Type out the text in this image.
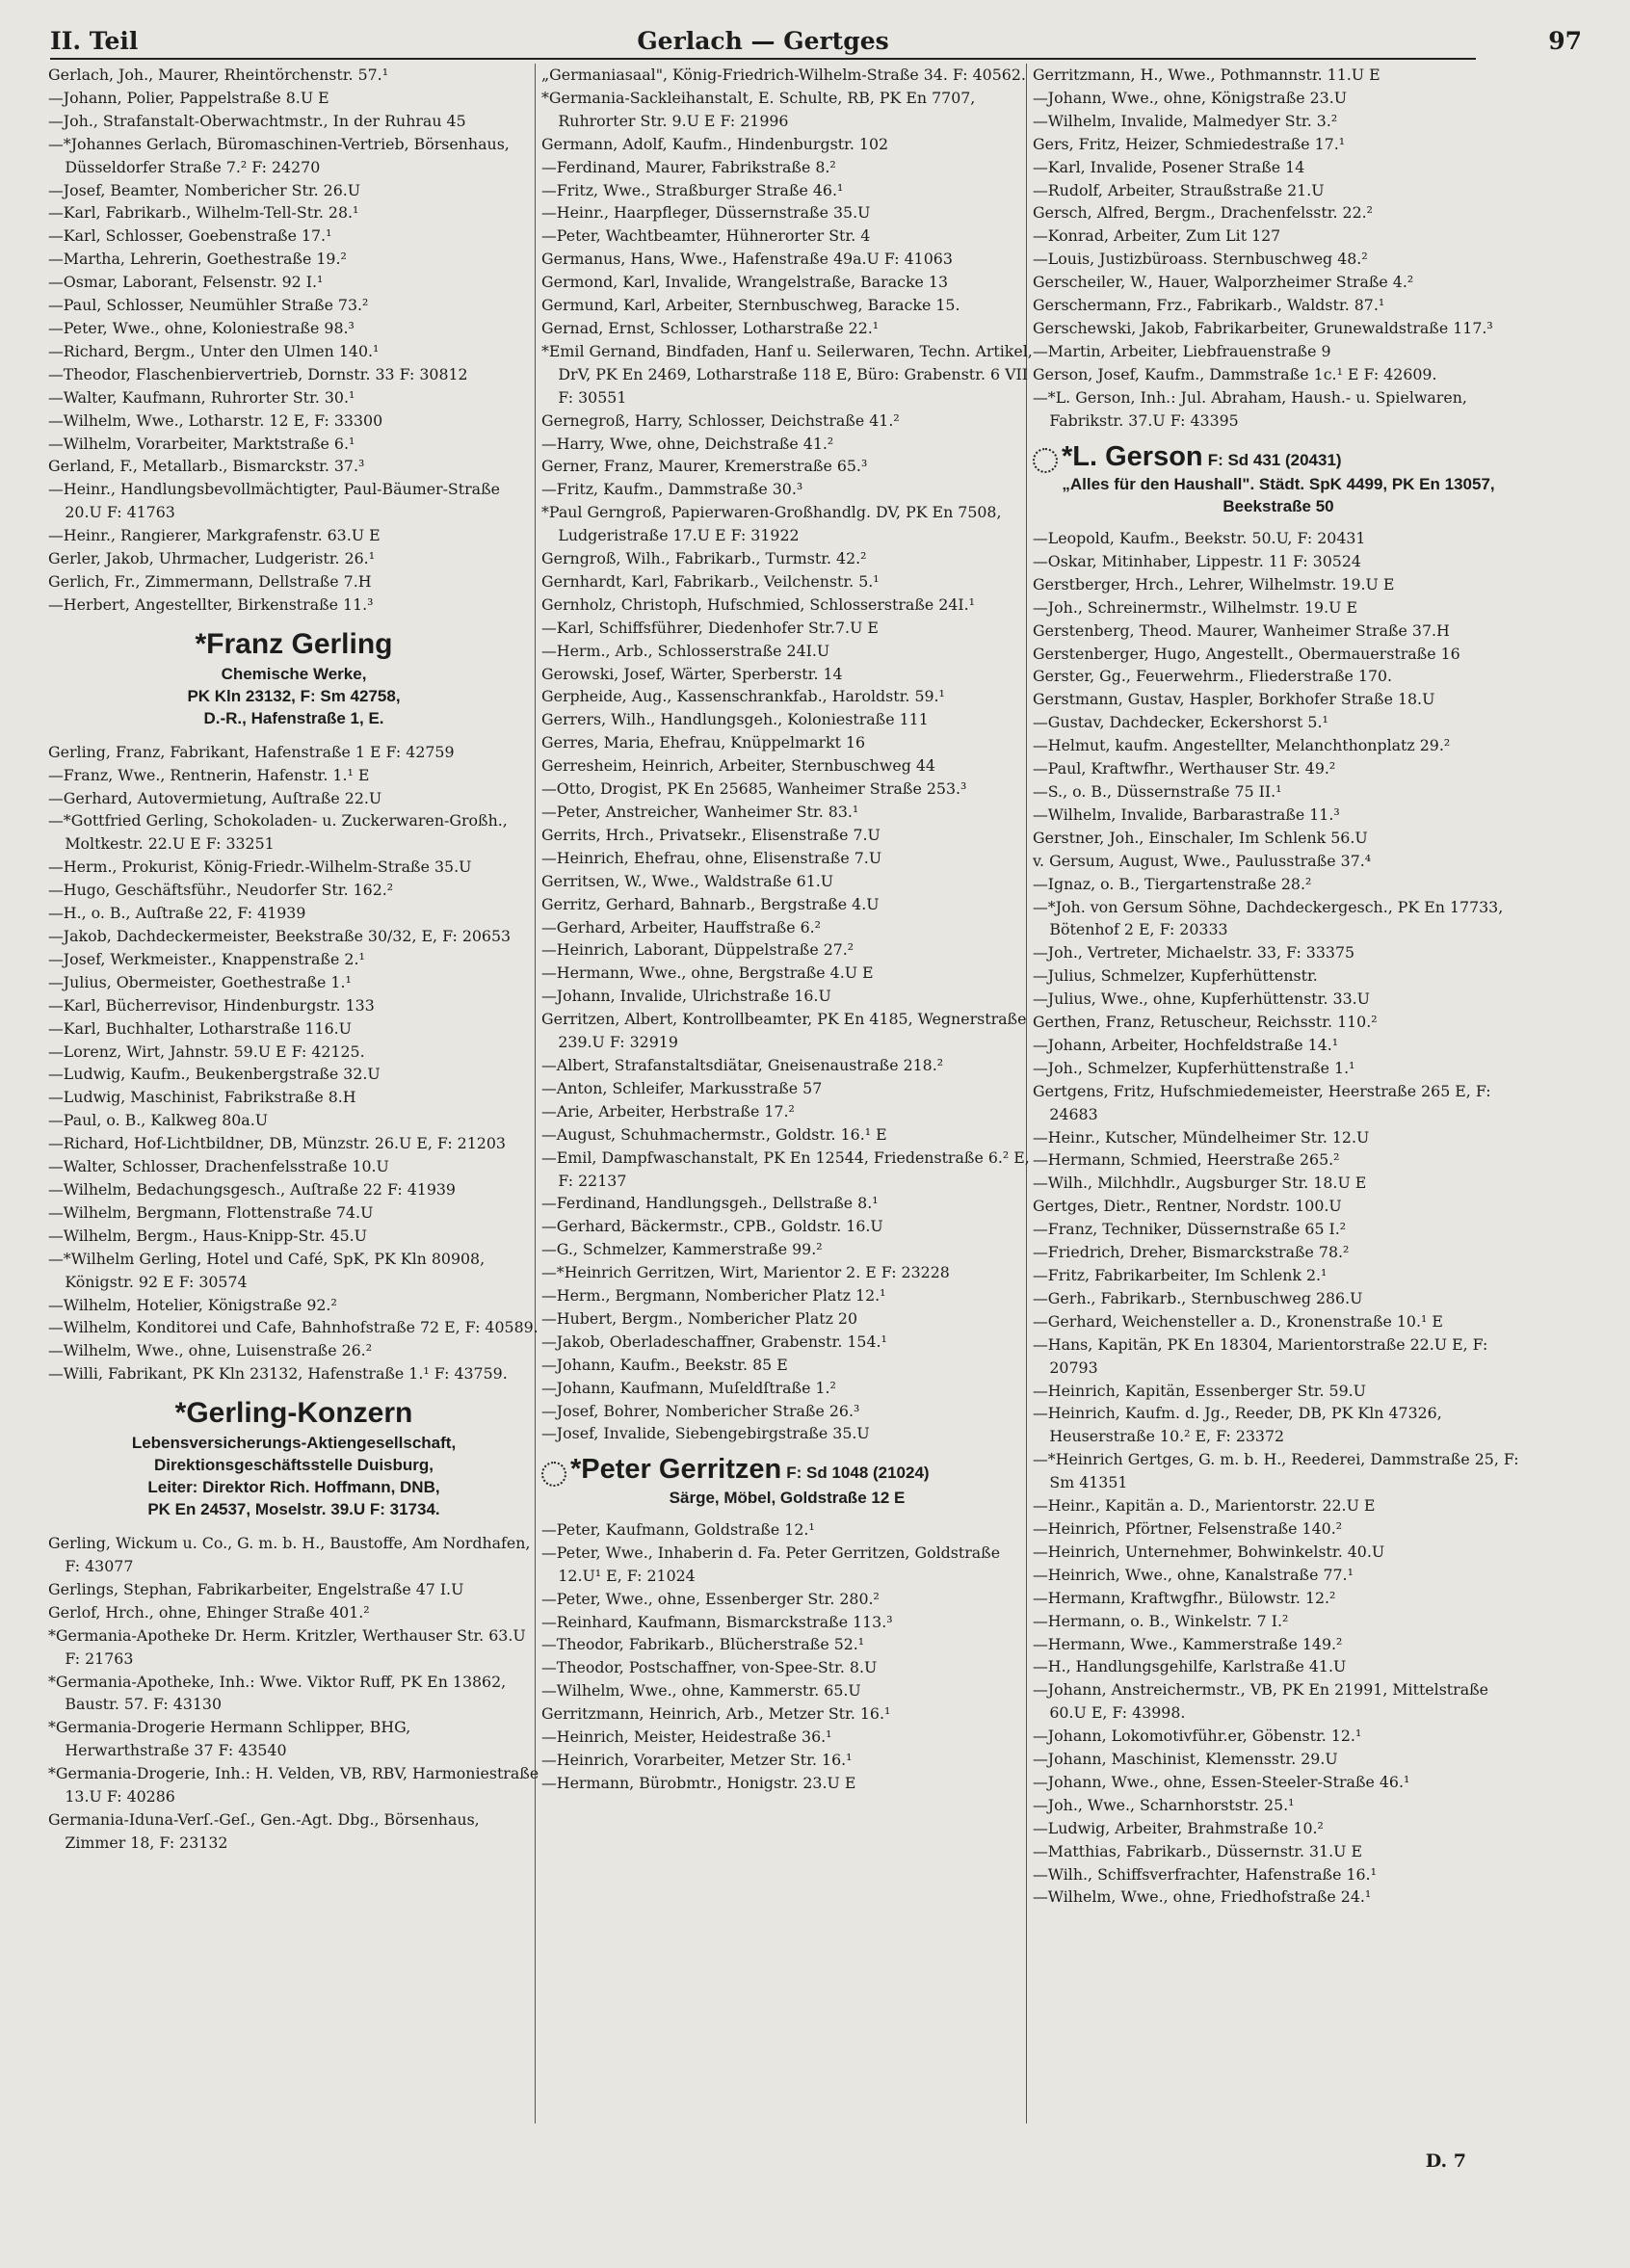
II. Teil	Gerlach — Gertges	97

Gerlach, Joh., Maurer, Rheintörchenstr. 57.¹

—Johann, Polier, Pappelstraße 8.U E

—Joh., Strafanstalt-Oberwachtmstr., In der Ruhrau 45

—*Johannes Gerlach, Büromaschinen-Vertrieb, Börsenhaus, Düsseldorfer Straße 7.² F: 24270

—Josef, Beamter, Nombericher Str. 26.U

—Karl, Fabrikarb., Wilhelm-Tell-Str. 28.¹

—Karl, Schlosser, Goebenstraße 17.¹

—Martha, Lehrerin, Goethestraße 19.²

—Osmar, Laborant, Felsenstr. 92 I.¹

—Paul, Schlosser, Neumühler Straße 73.²

—Peter, Wwe., ohne, Koloniestraße 98.³

—Richard, Bergm., Unter den Ulmen 140.¹

—Theodor, Flaschenbiervertrieb, Dornstr. 33 F: 30812

—Walter, Kaufmann, Ruhrorter Str. 30.¹

—Wilhelm, Wwe., Lotharstr. 12 E, F: 33300

—Wilhelm, Vorarbeiter, Marktstraße 6.¹

Gerland, F., Metallarb., Bismarckstr. 37.³

—Heinr., Handlungsbevollmächtigter, Paul-Bäumer-Straße 20.U F: 41763

—Heinr., Rangierer, Markgrafenstr. 63.U E

Gerler, Jakob, Uhrmacher, Ludgeristr. 26.¹

Gerlich, Fr., Zimmermann, Dellstraße 7.H

—Herbert, Angestellter, Birkenstraße 11.³

*Franz Gerling
Chemische Werke,
PK Kln 23132, F: Sm 42758,
D.-R., Hafenstraße 1, E.

Gerling, Franz, Fabrikant, Hafenstraße 1 E F: 42759

—Franz, Wwe., Rentnerin, Hafenstr. 1.¹ E

—Gerhard, Autovermietung, Auſtraße 22.U

—*Gottfried Gerling, Schokoladen- u. Zuckerwaren-Großh., Moltkestr. 22.U E F: 33251

—Herm., Prokurist, König-Friedr.-Wilhelm-Straße 35.U

—Hugo, Geschäftsführ., Neudorfer Str. 162.²

—H., o. B., Auſtraße 22, F: 41939

—Jakob, Dachdeckermeister, Beekstraße 30/32, E, F: 20653

—Josef, Werkmeister., Knappenstraße 2.¹

—Julius, Obermeister, Goethestraße 1.¹

—Karl, Bücherrevisor, Hindenburgstr. 133

—Karl, Buchhalter, Lotharstraße 116.U

—Lorenz, Wirt, Jahnstr. 59.U E F: 42125.

—Ludwig, Kaufm., Beukenbergstraße 32.U

—Ludwig, Maschinist, Fabrikstraße 8.H

—Paul, o. B., Kalkweg 80a.U

—Richard, Hof-Lichtbildner, DB, Münzstr. 26.U E, F: 21203

—Walter, Schlosser, Drachenfelsstraße 10.U

—Wilhelm, Bedachungsgesch., Auſtraße 22 F: 41939

—Wilhelm, Bergmann, Flottenstraße 74.U

—Wilhelm, Bergm., Haus-Knipp-Str. 45.U

—*Wilhelm Gerling, Hotel und Café, SpK, PK Kln 80908, Königstr. 92 E F: 30574

—Wilhelm, Hotelier, Königstraße 92.²

—Wilhelm, Konditorei und Cafe, Bahnhofstraße 72 E, F: 40589.

—Wilhelm, Wwe., ohne, Luisenstraße 26.²

—Willi, Fabrikant, PK Kln 23132, Hafenstraße 1.¹ F: 43759.

*Gerling-Konzern
Lebensversicherungs-Aktiengesellschaft,
Direktionsgeschäftsstelle Duisburg,
Leiter: Direktor Rich. Hoffmann, DNB,
PK En 24537, Moselstr. 39.U F: 31734.

Gerling, Wickum u. Co., G. m. b. H., Baustoffe, Am Nordhafen, F: 43077

Gerlings, Stephan, Fabrikarbeiter, Engelstraße 47 I.U

Gerlof, Hrch., ohne, Ehinger Straße 401.²

*Germania-Apotheke Dr. Herm. Kritzler, Werthauser Str. 63.U F: 21763

*Germania-Apotheke, Inh.: Wwe. Viktor Ruff, PK En 13862, Baustr. 57. F: 43130

*Germania-Drogerie Hermann Schlipper, BHG, Herwarthstraße 37 F: 43540

*Germania-Drogerie, Inh.: H. Velden, VB, RBV, Harmoniestraße 13.U F: 40286

Germania-Iduna-Verſ.-Geſ., Gen.-Agt. Dbg., Börsenhaus, Zimmer 18, F: 23132

„Germaniasaal", König-Friedrich-Wilhelm-Straße 34. F: 40562.

*Germania-Sackleihanstalt, E. Schulte, RB, PK En 7707, Ruhrorter Str. 9.U E F: 21996

Germann, Adolf, Kaufm., Hindenburgstr. 102

—Ferdinand, Maurer, Fabrikstraße 8.²

—Fritz, Wwe., Straßburger Straße 46.¹

—Heinr., Haarpfleger, Düssernstraße 35.U

—Peter, Wachtbeamter, Hühnerorter Str. 4

Germanus, Hans, Wwe., Hafenstraße 49a.U F: 41063

Germond, Karl, Invalide, Wrangelstraße, Baracke 13

Germund, Karl, Arbeiter, Sternbuschweg, Baracke 15.

Gernad, Ernst, Schlosser, Lotharstraße 22.¹

*Emil Gernand, Bindfaden, Hanf u. Seilerwaren, Techn. Artikel, DrV, PK En 2469, Lotharstraße 118 E, Büro: Grabenstr. 6 VII F: 30551

Gernegroß, Harry, Schlosser, Deichstraße 41.²

—Harry, Wwe, ohne, Deichstraße 41.²

Gerner, Franz, Maurer, Kremerstraße 65.³

—Fritz, Kaufm., Dammstraße 30.³

*Paul Gerngroß, Papierwaren-Großhandlg. DV, PK En 7508, Ludgeristraße 17.U E F: 31922

Gerngroß, Wilh., Fabrikarb., Turmstr. 42.²

Gernhardt, Karl, Fabrikarb., Veilchenstr. 5.¹

Gernholz, Christoph, Hufschmied, Schlosserstraße 24I.¹

—Karl, Schiffsführer, Diedenhofer Str.7.U E

—Herm., Arb., Schlosserstraße 24I.U

Gerowski, Josef, Wärter, Sperberstr. 14

Gerpheide, Aug., Kassenschrankfab., Haroldstr. 59.¹

Gerrers, Wilh., Handlungsgeh., Koloniestraße 111

Gerres, Maria, Ehefrau, Knüppelmarkt 16

Gerresheim, Heinrich, Arbeiter, Sternbuschweg 44

—Otto, Drogist, PK En 25685, Wanheimer Straße 253.³

—Peter, Anstreicher, Wanheimer Str. 83.¹

Gerrits, Hrch., Privatsekr., Elisenstraße 7.U

—Heinrich, Ehefrau, ohne, Elisenstraße 7.U

Gerritsen, W., Wwe., Waldstraße 61.U

Gerritz, Gerhard, Bahnarb., Bergstraße 4.U

—Gerhard, Arbeiter, Hauffstraße 6.²

—Heinrich, Laborant, Düppelstraße 27.²

—Hermann, Wwe., ohne, Bergstraße 4.U E

—Johann, Invalide, Ulrichstraße 16.U

Gerritzen, Albert, Kontrollbeamter, PK En 4185, Wegnerstraße 239.U F: 32919

—Albert, Strafanstaltsdiätar, Gneisenaustraße 218.²

—Anton, Schleifer, Markusstraße 57

—Arie, Arbeiter, Herbstraße 17.²

—August, Schuhmachermstr., Goldstr. 16.¹ E

—Emil, Dampfwaschanstalt, PK En 12544, Friedenstraße 6.² E, F: 22137

—Ferdinand, Handlungsgeh., Dellstraße 8.¹

—Gerhard, Bäckermstr., CPB., Goldstr. 16.U

—G., Schmelzer, Kammerstraße 99.²

—*Heinrich Gerritzen, Wirt, Marientor 2. E F: 23228

—Herm., Bergmann, Nombericher Platz 12.¹

—Hubert, Bergm., Nombericher Platz 20

—Jakob, Oberladeschaffner, Grabenstr. 154.¹

—Johann, Kaufm., Beekstr. 85 E

—Johann, Kaufmann, Muſeldſtraße 1.²

—Josef, Bohrer, Nombericher Straße 26.³

—Josef, Invalide, Siebengebirgstraße 35.U

*Peter Gerritzen F: Sd 1048 (21024)
Särge, Möbel, Goldstraße 12 E

—Peter, Kaufmann, Goldstraße 12.¹

—Peter, Wwe., Inhaberin d. Fa. Peter Gerritzen, Goldstraße 12.U¹ E, F: 21024

—Peter, Wwe., ohne, Essenberger Str. 280.²

—Reinhard, Kaufmann, Bismarckstraße 113.³

—Theodor, Fabrikarb., Blücherstraße 52.¹

—Theodor, Postschaffner, von-Spee-Str. 8.U

—Wilhelm, Wwe., ohne, Kammerstr. 65.U

Gerritzmann, Heinrich, Arb., Metzer Str. 16.¹

—Heinrich, Meister, Heidestraße 36.¹

—Heinrich, Vorarbeiter, Metzer Str. 16.¹

—Hermann, Bürobmtr., Honigstr. 23.U E

Gerritzmann, H., Wwe., Pothmannstr. 11.U E

—Johann, Wwe., ohne, Königstraße 23.U

—Wilhelm, Invalide, Malmedyer Str. 3.²

Gers, Fritz, Heizer, Schmiedestraße 17.¹

—Karl, Invalide, Posener Straße 14

—Rudolf, Arbeiter, Straußstraße 21.U

Gersch, Alfred, Bergm., Drachenfelsstr. 22.²

—Konrad, Arbeiter, Zum Lit 127

—Louis, Justizbüroass. Sternbuschweg 48.²

Gerscheiler, W., Hauer, Walporzheimer Straße 4.²

Gerschermann, Frz., Fabrikarb., Waldstr. 87.¹

Gerschewski, Jakob, Fabrikarbeiter, Grunewaldstraße 117.³

—Martin, Arbeiter, Liebfrauenstraße 9

Gerson, Josef, Kaufm., Dammstraße 1c.¹ E F: 42609.

—*L. Gerson, Inh.: Jul. Abraham, Haush.- u. Spielwaren, Fabrikstr. 37.U F: 43395

*L. Gerson F: Sd 431 (20431)
„Alles für den Haushall". Städt. SpK 4499, PK En 13057, Beekstraße 50

—Leopold, Kaufm., Beekstr. 50.U, F: 20431

—Oskar, Mitinhaber, Lippestr. 11 F: 30524

Gerstberger, Hrch., Lehrer, Wilhelmstr. 19.U E

—Joh., Schreinermstr., Wilhelmstr. 19.U E

Gerstenberg, Theod. Maurer, Wanheimer Straße 37.H

Gerstenberger, Hugo, Angestellt., Obermauerstraße 16

Gerster, Gg., Feuerwehrm., Fliederstraße 170.

Gerstmann, Gustav, Haspler, Borkhofer Straße 18.U

—Gustav, Dachdecker, Eckershorst 5.¹

—Helmut, kaufm. Angestellter, Melanchthonplatz 29.²

—Paul, Kraftwfhr., Werthauser Str. 49.²

—S., o. B., Düssernstraße 75 II.¹

—Wilhelm, Invalide, Barbarastraße 11.³

Gerstner, Joh., Einschaler, Im Schlenk 56.U

v. Gersum, August, Wwe., Paulusstraße 37.⁴

—Ignaz, o. B., Tiergartenstraße 28.²

—*Joh. von Gersum Söhne, Dachdeckergesch., PK En 17733, Bötenhof 2 E, F: 20333

—Joh., Vertreter, Michaelstr. 33, F: 33375

—Julius, Schmelzer, Kupferhüttenstr.

—Julius, Wwe., ohne, Kupferhüttenstr. 33.U

Gerthen, Franz, Retuscheur, Reichsstr. 110.²

—Johann, Arbeiter, Hochfeldstraße 14.¹

—Joh., Schmelzer, Kupferhüttenstraße 1.¹

Gertgens, Fritz, Hufschmiedemeister, Heerstraße 265 E, F: 24683

—Heinr., Kutscher, Mündelheimer Str. 12.U

—Hermann, Schmied, Heerstraße 265.²

—Wilh., Milchhdlr., Augsburger Str. 18.U E

Gertges, Dietr., Rentner, Nordstr. 100.U

—Franz, Techniker, Düssernstraße 65 I.²

—Friedrich, Dreher, Bismarckstraße 78.²

—Fritz, Fabrikarbeiter, Im Schlenk 2.¹

—Gerh., Fabrikarb., Sternbuschweg 286.U

—Gerhard, Weichensteller a. D., Kronenstraße 10.¹ E

—Hans, Kapitän, PK En 18304, Marientorstraße 22.U E, F: 20793

—Heinrich, Kapitän, Essenberger Str. 59.U

—Heinrich, Kaufm. d. Jg., Reeder, DB, PK Kln 47326, Heuserstraße 10.² E, F: 23372

—*Heinrich Gertges, G. m. b. H., Reederei, Dammstraße 25, F: Sm 41351

—Heinr., Kapitän a. D., Marientorstr. 22.U E

—Heinrich, Pförtner, Felsenstraße 140.²

—Heinrich, Unternehmer, Bohwinkelstr. 40.U

—Heinrich, Wwe., ohne, Kanalstraße 77.¹

—Hermann, Kraftwgfhr., Bülowstr. 12.²

—Hermann, o. B., Winkelstr. 7 I.²

—Hermann, Wwe., Kammerstraße 149.²

—H., Handlungsgehilfe, Karlstraße 41.U

—Johann, Anstreichermstr., VB, PK En 21991, Mittelstraße 60.U E, F: 43998.

—Johann, Lokomotivführ.er, Göbenstr. 12.¹

—Johann, Maschinist, Klemensstr. 29.U

—Johann, Wwe., ohne, Essen-Steeler-Straße 46.¹

—Joh., Wwe., Scharnhorststr. 25.¹

—Ludwig, Arbeiter, Brahmstraße 10.²

—Matthias, Fabrikarb., Düssernstr. 31.U E

—Wilh., Schiffsverfrachter, Hafenstraße 16.¹

—Wilhelm, Wwe., ohne, Friedhofstraße 24.¹

D. 7
